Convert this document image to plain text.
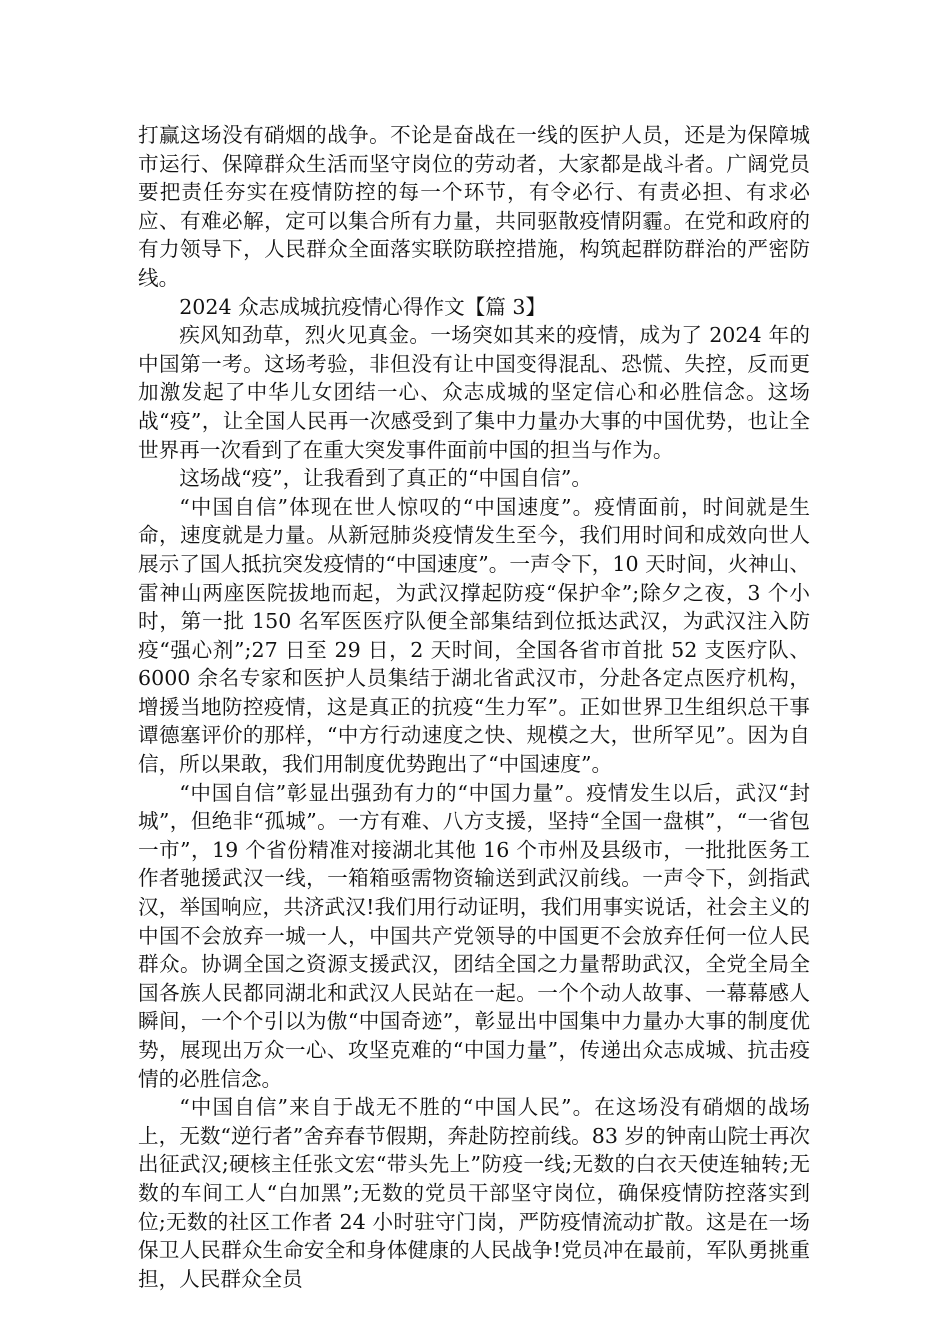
打赢这场没有硝烟的战争。不论是奋战在一线的医护人员，还是为保障城市运行、保障群众生活而坚守岗位的劳动者，大家都是战斗者。广阔党员要把责任夯实在疫情防控的每一个环节，有令必行、有责必担、有求必应、有难必解，定可以集合所有力量，共同驱散疫情阴霾。在党和政府的有力领导下，人民群众全面落实联防联控措施，构筑起群防群治的严密防线。

2024 众志成城抗疫情心得作文【篇 3】

疾风知劲草，烈火见真金。一场突如其来的疫情，成为了 2024 年的中国第一考。这场考验，非但没有让中国变得混乱、恐慌、失控，反而更加激发起了中华儿女团结一心、众志成城的坚定信心和必胜信念。这场战“疫”，让全国人民再一次感受到了集中力量办大事的中国优势，也让全世界再一次看到了在重大突发事件面前中国的担当与作为。

这场战“疫”，让我看到了真正的“中国自信”。

“中国自信”体现在世人惊叹的“中国速度”。疫情面前，时间就是生命，速度就是力量。从新冠肺炎疫情发生至今，我们用时间和成效向世人展示了国人抵抗突发疫情的“中国速度”。一声令下，10 天时间，火神山、雷神山两座医院拔地而起，为武汉撑起防疫“保护伞”;除夕之夜，3 个小时，第一批 150 名军医医疗队便全部集结到位抵达武汉，为武汉注入防疫“强心剂”;27 日至 29 日，2 天时间，全国各省市首批 52 支医疗队、6000 余名专家和医护人员集结于湖北省武汉市，分赴各定点医疗机构，增援当地防控疫情，这是真正的抗疫“生力军”。正如世界卫生组织总干事谭德塞评价的那样，“中方行动速度之快、规模之大，世所罕见”。因为自信，所以果敢，我们用制度优势跑出了“中国速度”。

“中国自信”彰显出强劲有力的“中国力量”。疫情发生以后，武汉“封城”，但绝非“孤城”。一方有难、八方支援，坚持“全国一盘棋”，“一省包一市”，19 个省份精准对接湖北其他 16 个市州及县级市，一批批医务工作者驰援武汉一线，一箱箱亟需物资输送到武汉前线。一声令下，剑指武汉，举国响应，共济武汉!我们用行动证明，我们用事实说话，社会主义的中国不会放弃一城一人，中国共产党领导的中国更不会放弃任何一位人民群众。协调全国之资源支援武汉，团结全国之力量帮助武汉，全党全局全国各族人民都同湖北和武汉人民站在一起。一个个动人故事、一幕幕感人瞬间，一个个引以为傲“中国奇迹”，彰显出中国集中力量办大事的制度优势，展现出万众一心、攻坚克难的“中国力量”，传递出众志成城、抗击疫情的必胜信念。

“中国自信”来自于战无不胜的“中国人民”。在这场没有硝烟的战场上，无数“逆行者”舍弃春节假期，奔赴防控前线。83 岁的钟南山院士再次出征武汉;硬核主任张文宏“带头先上”防疫一线;无数的白衣天使连轴转;无数的车间工人“白加黑”;无数的党员干部坚守岗位，确保疫情防控落实到位;无数的社区工作者 24 小时驻守门岗，严防疫情流动扩散。这是在一场保卫人民群众生命安全和身体健康的人民战争!党员冲在最前，军队勇挑重担，人民群众全员
